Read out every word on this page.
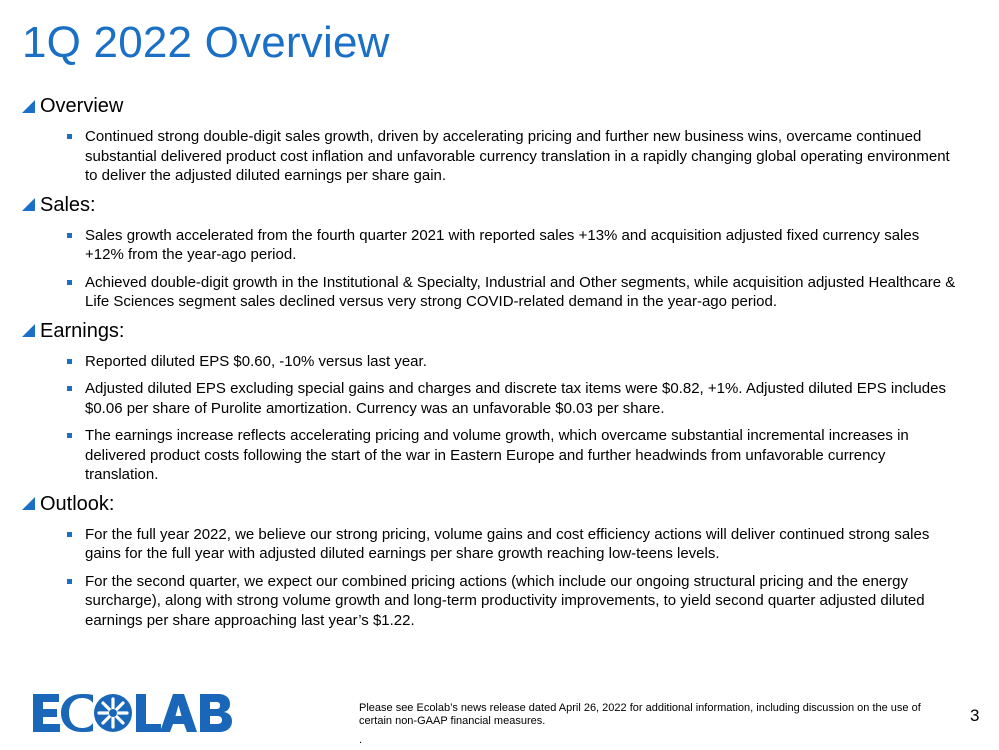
1Q 2022 Overview
Overview
Continued strong double-digit sales growth, driven by accelerating pricing and further new business wins, overcame continued substantial delivered product cost inflation and unfavorable currency translation in a rapidly changing global operating environment to deliver the adjusted diluted earnings per share gain.
Sales:
Sales growth accelerated from the fourth quarter 2021 with reported sales +13% and acquisition adjusted fixed currency sales +12% from the year-ago period.
Achieved double-digit growth in the Institutional & Specialty, Industrial and Other segments, while acquisition adjusted Healthcare & Life Sciences segment sales declined versus very strong COVID-related demand in the year-ago period.
Earnings:
Reported diluted EPS $0.60, -10% versus last year.
Adjusted diluted EPS excluding special gains and charges and discrete tax items were $0.82, +1%. Adjusted diluted EPS includes $0.06 per share of Purolite amortization. Currency was an unfavorable $0.03 per share.
The earnings increase reflects accelerating pricing and volume growth, which overcame substantial incremental increases in delivered product costs following the start of the war in Eastern Europe and further headwinds from unfavorable currency translation.
Outlook:
For the full year 2022, we believe our strong pricing, volume gains and cost efficiency actions will deliver continued strong sales gains for the full year with adjusted diluted earnings per share growth reaching low-teens levels.
For the second quarter, we expect our combined pricing actions (which include our ongoing structural pricing and the energy surcharge), along with strong volume growth and long-term productivity improvements, to yield second quarter adjusted diluted earnings per share approaching last year’s $1.22.
Please see Ecolab’s news release dated April 26, 2022 for additional information, including discussion on the use of certain non-GAAP financial measures.
.
3
